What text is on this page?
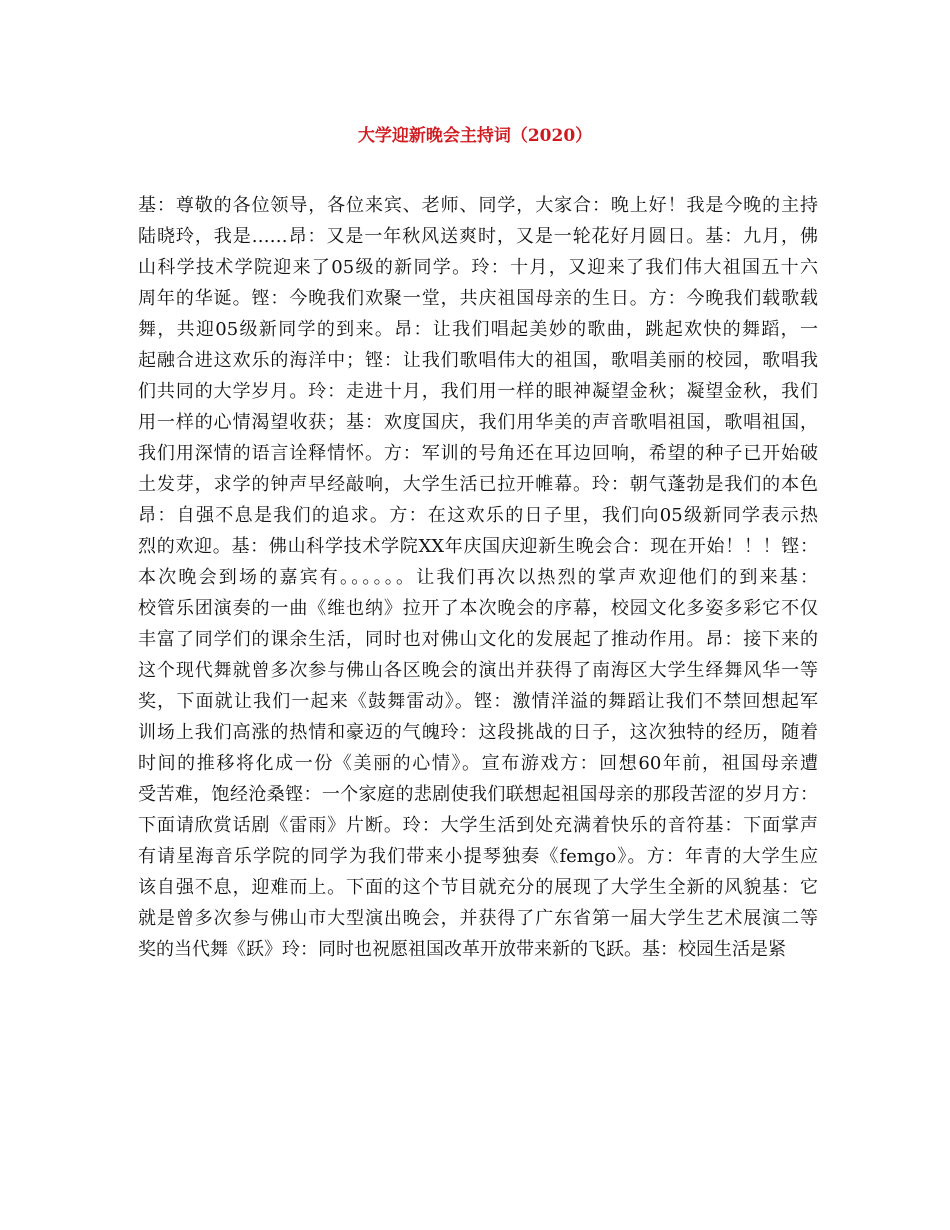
大学迎新晚会主持词（2020）
基：尊敬的各位领导，各位来宾、老师、同学，大家合：晚上好！我是今晚的主持
陆晓玲，我是……昂：又是一年秋风送爽时，又是一轮花好月圆日。基：九月，佛
山科学技术学院迎来了05级的新同学。玲：十月，又迎来了我们伟大祖国五十六
周年的华诞。铿：今晚我们欢聚一堂，共庆祖国母亲的生日。方：今晚我们载歌载
舞，共迎05级新同学的到来。昂：让我们唱起美妙的歌曲，跳起欢快的舞蹈，一
起融合进这欢乐的海洋中；铿：让我们歌唱伟大的祖国，歌唱美丽的校园，歌唱我
们共同的大学岁月。玲：走进十月，我们用一样的眼神凝望金秋；凝望金秋，我们
用一样的心情渴望收获；基：欢度国庆，我们用华美的声音歌唱祖国，歌唱祖国，
我们用深情的语言诠释情怀。方：军训的号角还在耳边回响，希望的种子已开始破
土发芽，求学的钟声早经敲响，大学生活已拉开帷幕。玲：朝气蓬勃是我们的本色
昂：自强不息是我们的追求。方：在这欢乐的日子里，我们向05级新同学表示热
烈的欢迎。基：佛山科学技术学院XX年庆国庆迎新生晚会合：现在开始！！！铿：
本次晚会到场的嘉宾有。。。。。。让我们再次以热烈的掌声欢迎他们的到来基：
校管乐团演奏的一曲《维也纳》拉开了本次晚会的序幕，校园文化多姿多彩它不仅
丰富了同学们的课余生活，同时也对佛山文化的发展起了推动作用。昂：接下来的
这个现代舞就曾多次参与佛山各区晚会的演出并获得了南海区大学生绎舞风华一等
奖，下面就让我们一起来《鼓舞雷动》。铿：激情洋溢的舞蹈让我们不禁回想起军
训场上我们高涨的热情和豪迈的气魄玲：这段挑战的日子，这次独特的经历，随着
时间的推移将化成一份《美丽的心情》。宣布游戏方：回想60年前，祖国母亲遭
受苦难，饱经沧桑铿：一个家庭的悲剧使我们联想起祖国母亲的那段苦涩的岁月方：
下面请欣赏话剧《雷雨》片断。玲：大学生活到处充满着快乐的音符基：下面掌声
有请星海音乐学院的同学为我们带来小提琴独奏《femgo》。方：年青的大学生应
该自强不息，迎难而上。下面的这个节目就充分的展现了大学生全新的风貌基：它
就是曾多次参与佛山市大型演出晚会，并获得了广东省第一届大学生艺术展演二等
奖的当代舞《跃》玲：同时也祝愿祖国改革开放带来新的飞跃。基：校园生活是紧
